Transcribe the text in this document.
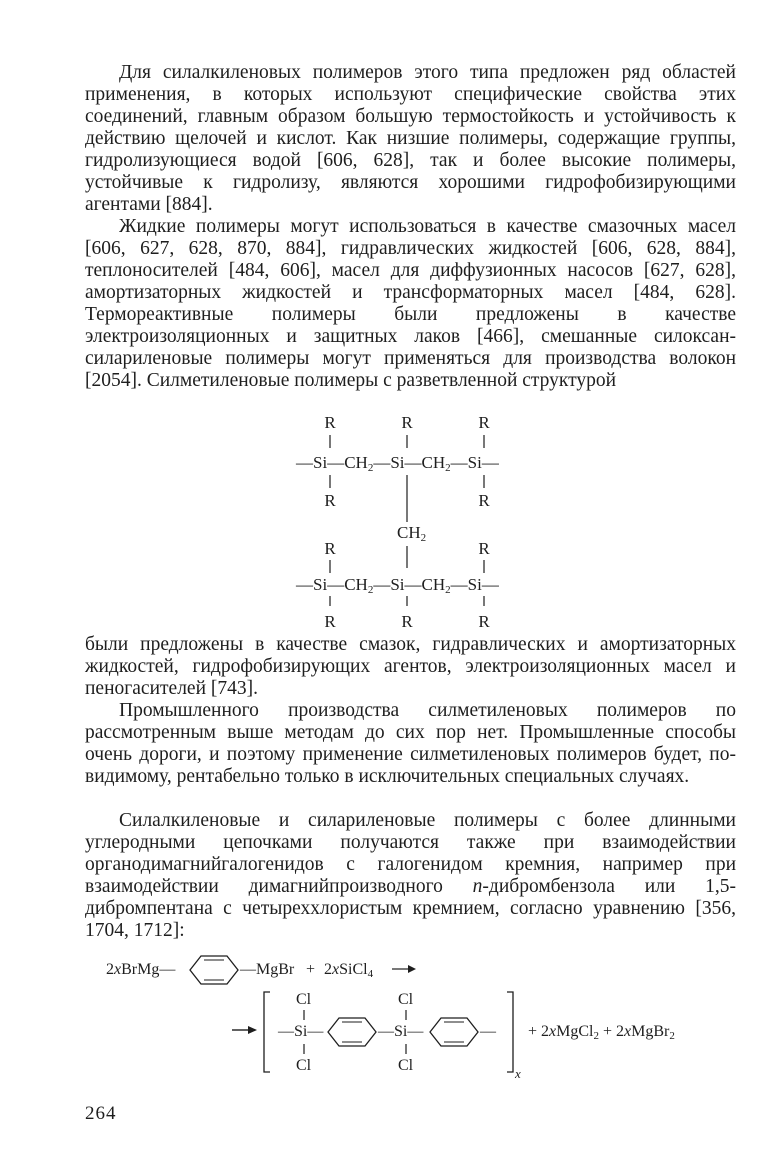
Для силалкиленовых полимеров этого типа предложен ряд областей применения, в которых используют специфические свойства этих соединений, главным образом большую термостойкость и устойчивость к действию щелочей и кислот. Как низшие полимеры, содержащие группы, гидролизующиеся водой [606, 628], так и более высокие полимеры, устойчивые к гидролизу, являются хорошими гидрофобизирующими агентами [884].

Жидкие полимеры могут использоваться в качестве смазочных масел [606, 627, 628, 870, 884], гидравлических жидкостей [606, 628, 884], теплоносителей [484, 606], масел для диффузионных насосов [627, 628], амортизаторных жидкостей и трансформаторных масел [484, 628]. Термореактивные полимеры были предложены в качестве электроизоляционных и защитных лаков [466], смешанные силоксан-силариленовые полимеры могут применяться для производства волокон [2054]. Силметиленовые полимеры с разветвленной структурой

R	R	R
—Si—CH2—Si—CH2—Si—
R	R
CH2
R	R
—Si—CH2—Si—CH2—Si—
R	R	R

были предложены в качестве смазок, гидравлических и амортизаторных жидкостей, гидрофобизирующих агентов, электроизоляционных масел и пеногасителей [743].

Промышленного производства силметиленовых полимеров по рассмотренным выше методам до сих пор нет. Промышленные способы очень дороги, и поэтому применение силметиленовых полимеров будет, по-видимому, рентабельно только в исключительных специальных случаях.

Силалкиленовые и силариленовые полимеры с более длинными углеродными цепочками получаются также при взаимодействии органодимагнийгалогенидов с галогенидом кремния, например при взаимодействии димагнийпроизводного п-дибромбензола или 1,5-дибромпентана с четыреххлористым кремнием, согласно уравнению [356, 1704, 1712]:

2xBrMg—	—MgBr + 2xSiCl4
Cl	Cl
—Si—	—Si—	—
Cl	Cl	x
+ 2xMgCl2 + 2xMgBr2
264
